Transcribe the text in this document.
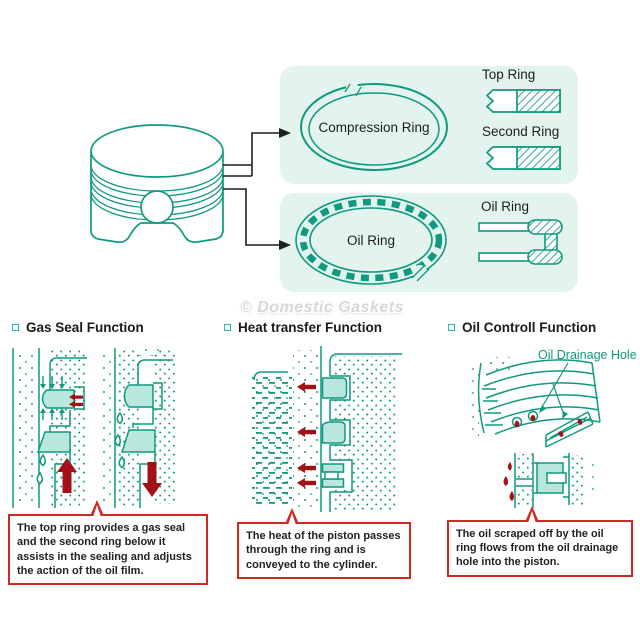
Compression Ring
Top Ring
Second Ring
Oil Ring
Oil Ring
© Domestic Gaskets
Gas Seal Function	Heat transfer Function	Oil Controll Function
Oil Drainage Hole

The top ring provides a gas seal and the second ring below it assists in the sealing and adjusts the action of the oil film.

The heat of the piston passes through the ring and is conveyed to the cylinder.

The oil scraped off by the oil ring flows from the oil drainage hole into the piston.
